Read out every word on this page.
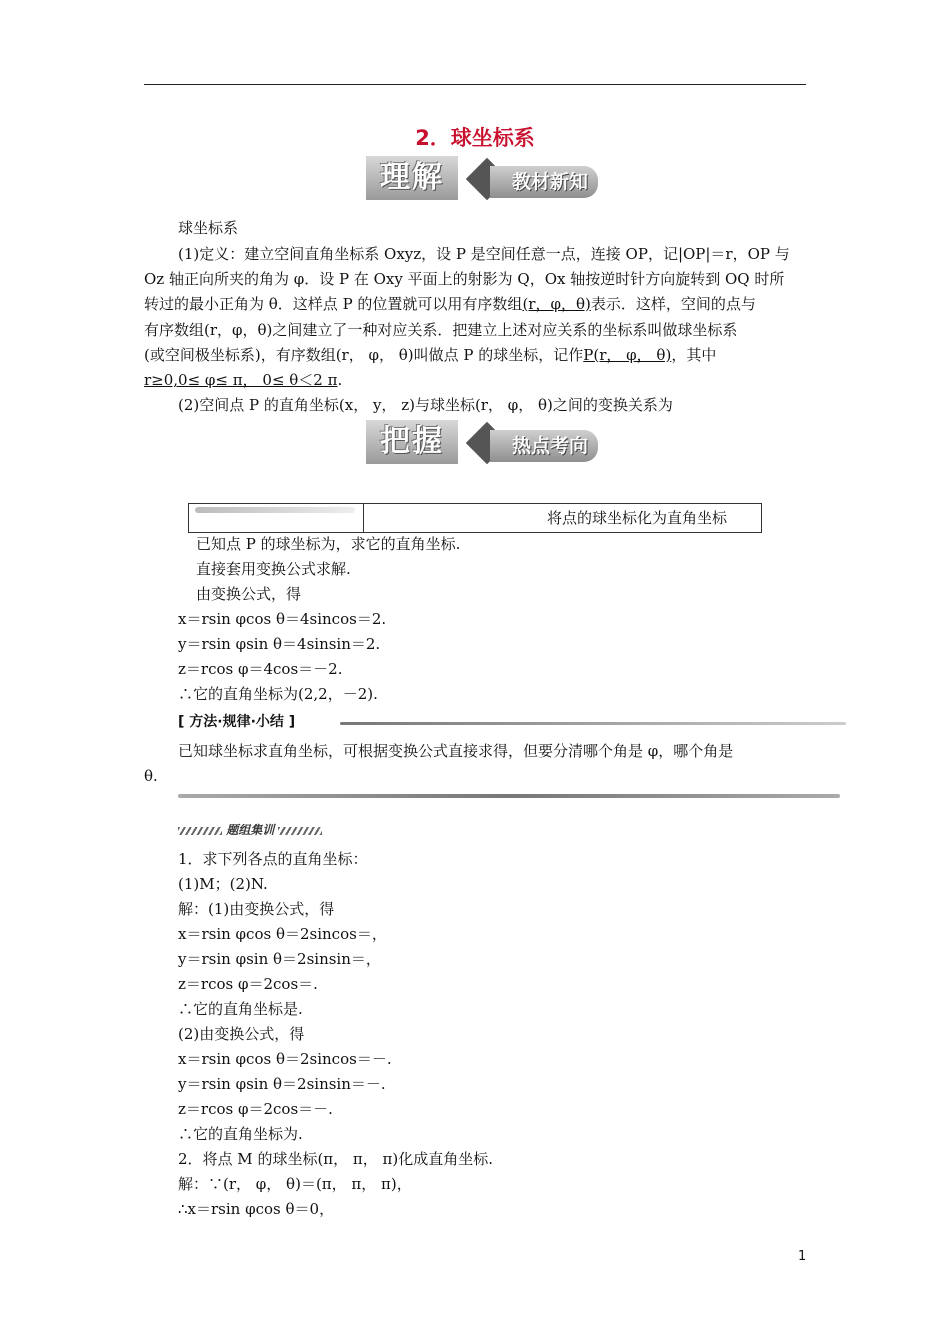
2．球坐标系
理解	教材新知
球坐标系
(1)定义：建立空间直角坐标系 Oxyz，设 P 是空间任意一点，连接 OP，记|OP|＝r，OP 与
Oz 轴正向所夹的角为 φ．设 P 在 Oxy 平面上的射影为 Q，Ox 轴按逆时针方向旋转到 OQ 时所
转过的最小正角为 θ．这样点 P 的位置就可以用有序数组(r，φ，θ)表示．这样，空间的点与
有序数组(r，φ，θ)之间建立了一种对应关系．把建立上述对应关系的坐标系叫做球坐标系
(或空间极坐标系)，有序数组(r， φ， θ)叫做点 P 的球坐标，记作P(r， φ， θ)，其中
r≥0,0≤ φ≤ π， 0≤ θ＜2 π.
(2)空间点 P 的直角坐标(x， y， z)与球坐标(r， φ， θ)之间的变换关系为
把握	热点考向
将点的球坐标化为直角坐标
已知点 P 的球坐标为，求它的直角坐标.
直接套用变换公式求解.
由变换公式，得
x＝rsin φcos θ＝4sincos＝2.
y＝rsin φsin θ＝4sinsin＝2.
z＝rcos φ＝4cos＝－2.
∴它的直角坐标为(2,2，－2).
[ 方法·规律·小结 ]
已知球坐标求直角坐标，可根据变换公式直接求得，但要分清哪个角是 φ，哪个角是
θ.
题组集训
1．求下列各点的直角坐标：
(1)M；(2)N.
解：(1)由变换公式，得
x＝rsin φcos θ＝2sincos＝，
y＝rsin φsin θ＝2sinsin＝，
z＝rcos φ＝2cos＝.
∴它的直角坐标是.
(2)由变换公式，得
x＝rsin φcos θ＝2sincos＝－.
y＝rsin φsin θ＝2sinsin＝－.
z＝rcos φ＝2cos＝－.
∴它的直角坐标为.
2．将点 M 的球坐标(π， π， π)化成直角坐标.
解：∵(r， φ， θ)＝(π， π， π)，
∴x＝rsin φcos θ＝0，
1
